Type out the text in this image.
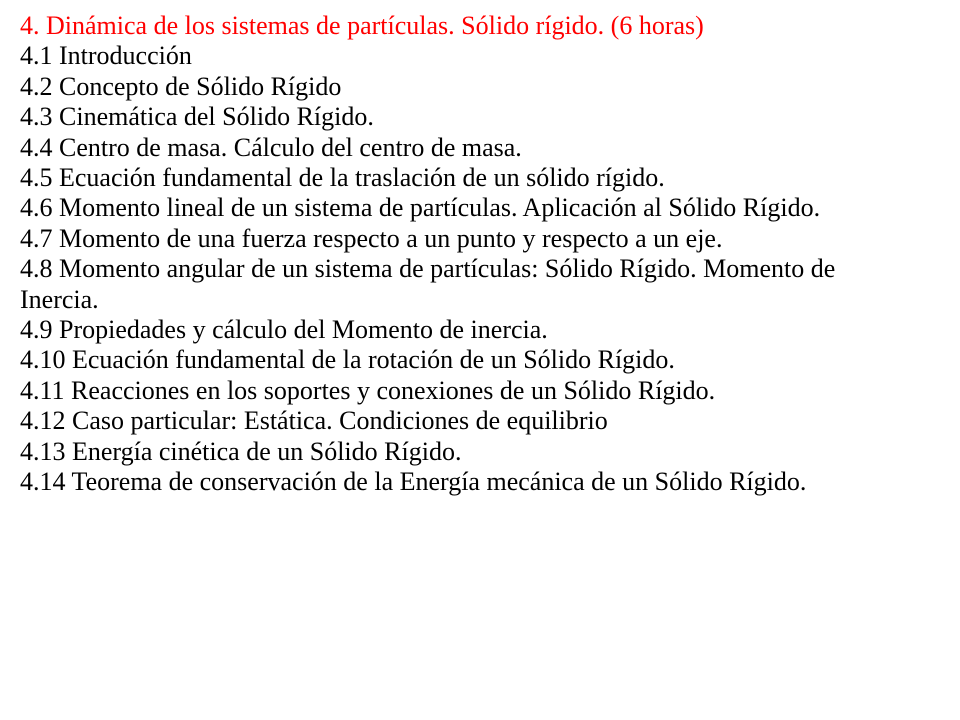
4. Dinámica de los sistemas de partículas. Sólido rígido. (6 horas)

4.1 Introducción

4.2 Concepto de Sólido Rígido

4.3 Cinemática del Sólido Rígido.

4.4 Centro de masa. Cálculo del centro de masa.

4.5 Ecuación fundamental de la traslación de un sólido rígido.

4.6 Momento lineal de un sistema de partículas. Aplicación al Sólido Rígido.

4.7 Momento de una fuerza respecto a un punto y respecto a un eje.

4.8 Momento angular de un sistema de partículas: Sólido Rígido. Momento de Inercia.

4.9 Propiedades y cálculo del Momento de inercia.

4.10 Ecuación fundamental de la rotación de un Sólido Rígido.

4.11 Reacciones en los soportes y conexiones de un Sólido Rígido.

4.12 Caso particular: Estática. Condiciones de equilibrio

4.13 Energía cinética de un Sólido Rígido.

4.14 Teorema de conservación de la Energía mecánica de un Sólido Rígido.
